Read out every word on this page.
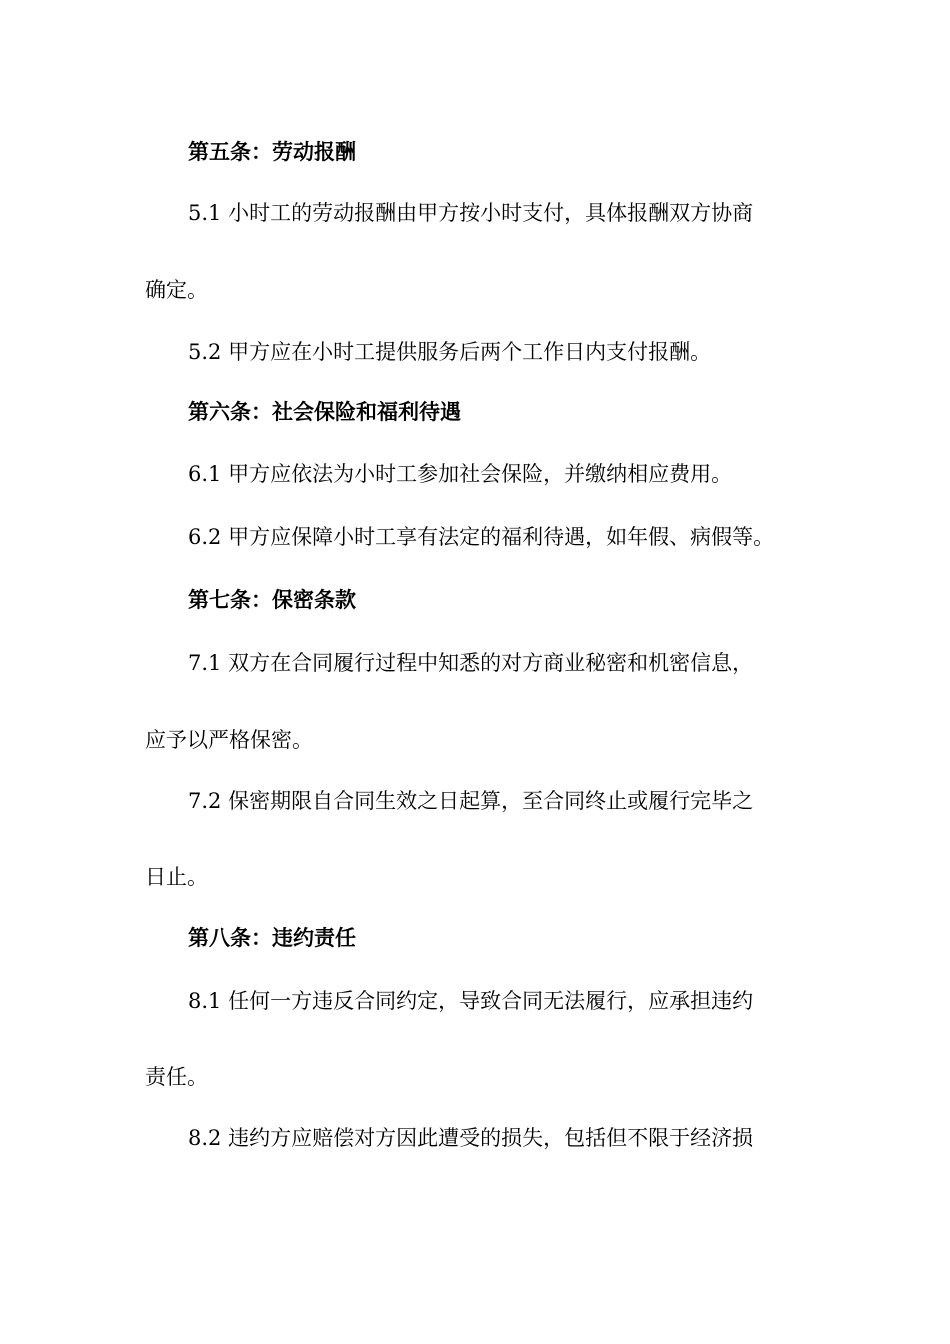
第五条：劳动报酬
5.1 小时工的劳动报酬由甲方按小时支付，具体报酬双方协商
确定。
5.2 甲方应在小时工提供服务后两个工作日内支付报酬。
第六条：社会保险和福利待遇
6.1 甲方应依法为小时工参加社会保险，并缴纳相应费用。
6.2 甲方应保障小时工享有法定的福利待遇，如年假、病假等。
第七条：保密条款
7.1 双方在合同履行过程中知悉的对方商业秘密和机密信息，
应予以严格保密。
7.2 保密期限自合同生效之日起算，至合同终止或履行完毕之
日止。
第八条：违约责任
8.1 任何一方违反合同约定，导致合同无法履行，应承担违约
责任。
8.2 违约方应赔偿对方因此遭受的损失，包括但不限于经济损
